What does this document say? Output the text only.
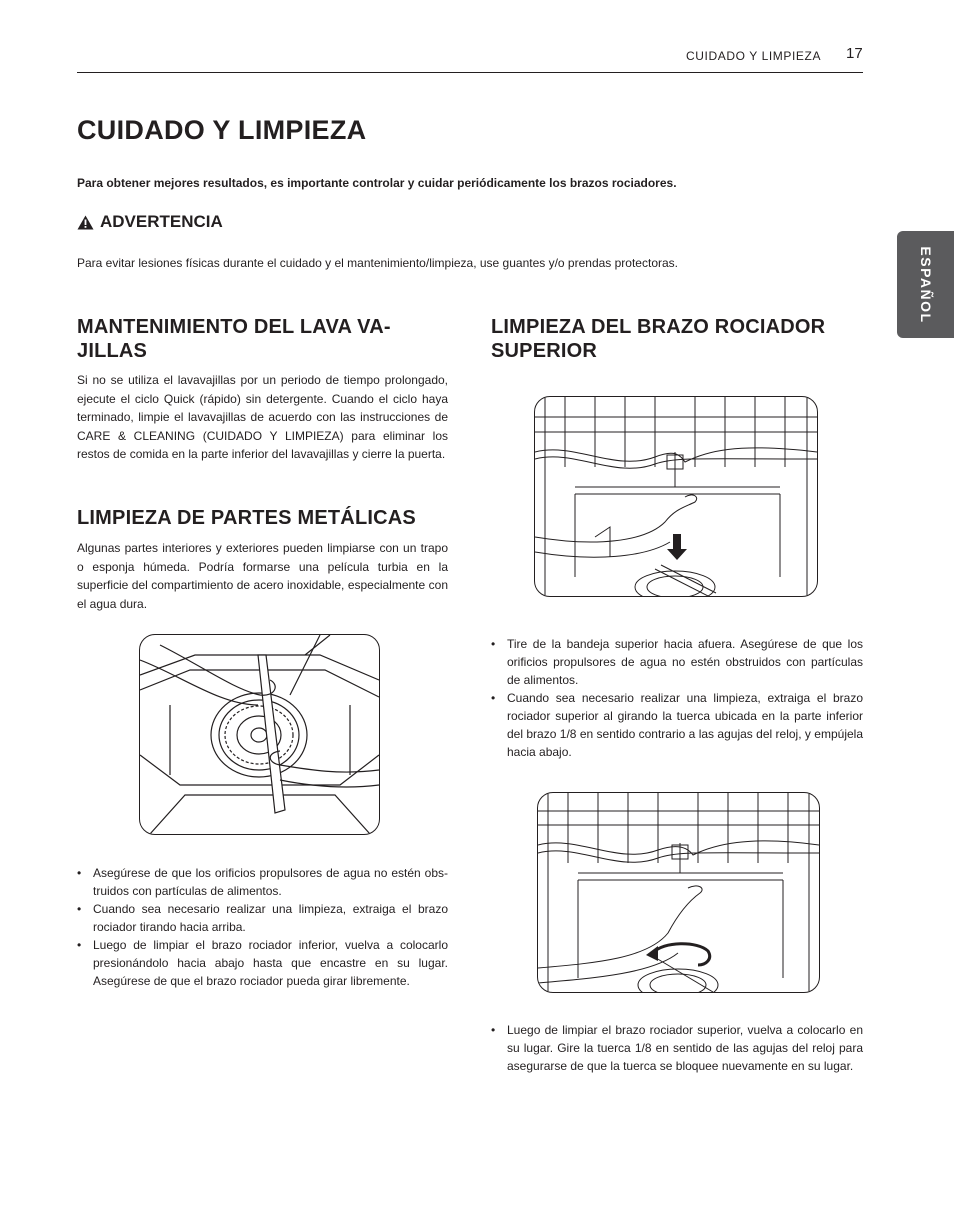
CUIDADO Y LIMPIEZA 17
ESPAÑOL
CUIDADO Y LIMPIEZA
Para obtener mejores resultados, es importante controlar y cuidar periódicamente los brazos rociadores.
ADVERTENCIA
Para evitar lesiones físicas durante el cuidado y el mantenimiento/limpieza, use guantes y/o prendas protectoras.
MANTENIMIENTO DEL LAVA VA-
JILLAS

Si no se utiliza el lavavajillas por un periodo de tiempo prolongado, ejecute el ciclo Quick (rápido) sin detergente. Cuando el ciclo haya terminado, limpie el lavavajillas de acuerdo con las instrucciones de CARE & CLEANING (CUIDADO Y LIMPIEZA) para eliminar los restos de comida en la parte inferior del lavavajillas y cierre la puerta.

LIMPIEZA DE PARTES METÁLICAS

Algunas partes interiores y exteriores pueden limpiarse con un trapo o esponja húmeda. Podría formarse una película turbia en la superficie del compartimiento de acero inoxidable, especialmente con el agua dura.

• Asegúrese de que los orificios propulsores de agua no estén obs-truidos con partículas de alimentos.
• Cuando sea necesario realizar una limpieza, extraiga el brazo rociador tirando hacia arriba.
• Luego de limpiar el brazo rociador inferior, vuelva a colocarlo presionándolo hacia abajo hasta que encastre en su lugar. Asegúrese de que el brazo rociador pueda girar libremente.
LIMPIEZA DEL BRAZO ROCIADOR
SUPERIOR
• Tire de la bandeja superior hacia afuera. Asegúrese de que los orificios propulsores de agua no estén obstruidos con partículas de alimentos.
• Cuando sea necesario realizar una limpieza, extraiga el brazo rociador superior al girando la tuerca ubicada en la parte inferior del brazo 1/8 en sentido contrario a las agujas del reloj, y empújela hacia abajo.
• Luego de limpiar el brazo rociador superior, vuelva a colocarlo en su lugar. Gire la tuerca 1/8 en sentido de las agujas del reloj para asegurarse de que la tuerca se bloquee nuevamente en su lugar.
